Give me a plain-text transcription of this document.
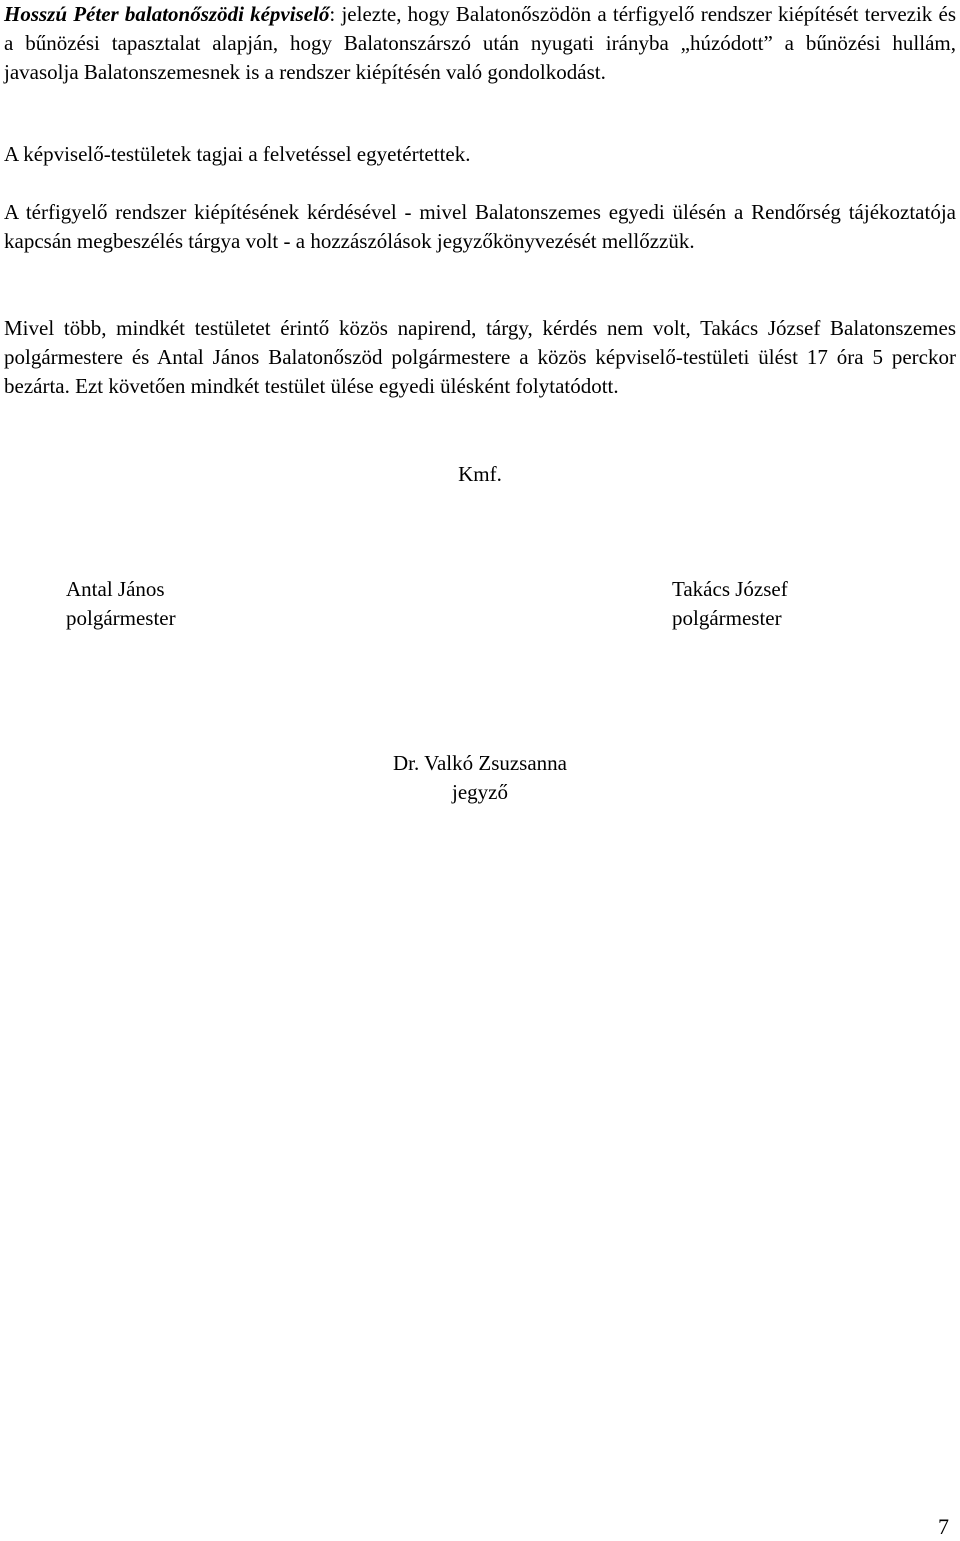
Hosszú Péter balatonőszödi képviselő: jelezte, hogy Balatonőszödön a térfigyelő rendszer kiépítését tervezik és a bűnözési tapasztalat alapján, hogy Balatonszárszó után nyugati irányba „húzódott” a bűnözési hullám, javasolja Balatonszemesnek is a rendszer kiépítésén való gondolkodást.

A képviselő-testületek tagjai a felvetéssel egyetértettek.

A térfigyelő rendszer kiépítésének kérdésével - mivel Balatonszemes egyedi ülésén a Rendőrség tájékoztatója kapcsán megbeszélés tárgya volt - a hozzászólások jegyzőkönyvezését mellőzzük.

Mivel több, mindkét testületet érintő közös napirend, tárgy, kérdés nem volt, Takács József Balatonszemes polgármestere és Antal János Balatonőszöd polgármestere a közös képviselő-testületi ülést 17 óra 5 perckor bezárta. Ezt követően mindkét testület ülése egyedi ülésként folytatódott.

Kmf.
Antal János
polgármester
Takács József
polgármester
Dr. Valkó Zsuzsanna
jegyző
7
